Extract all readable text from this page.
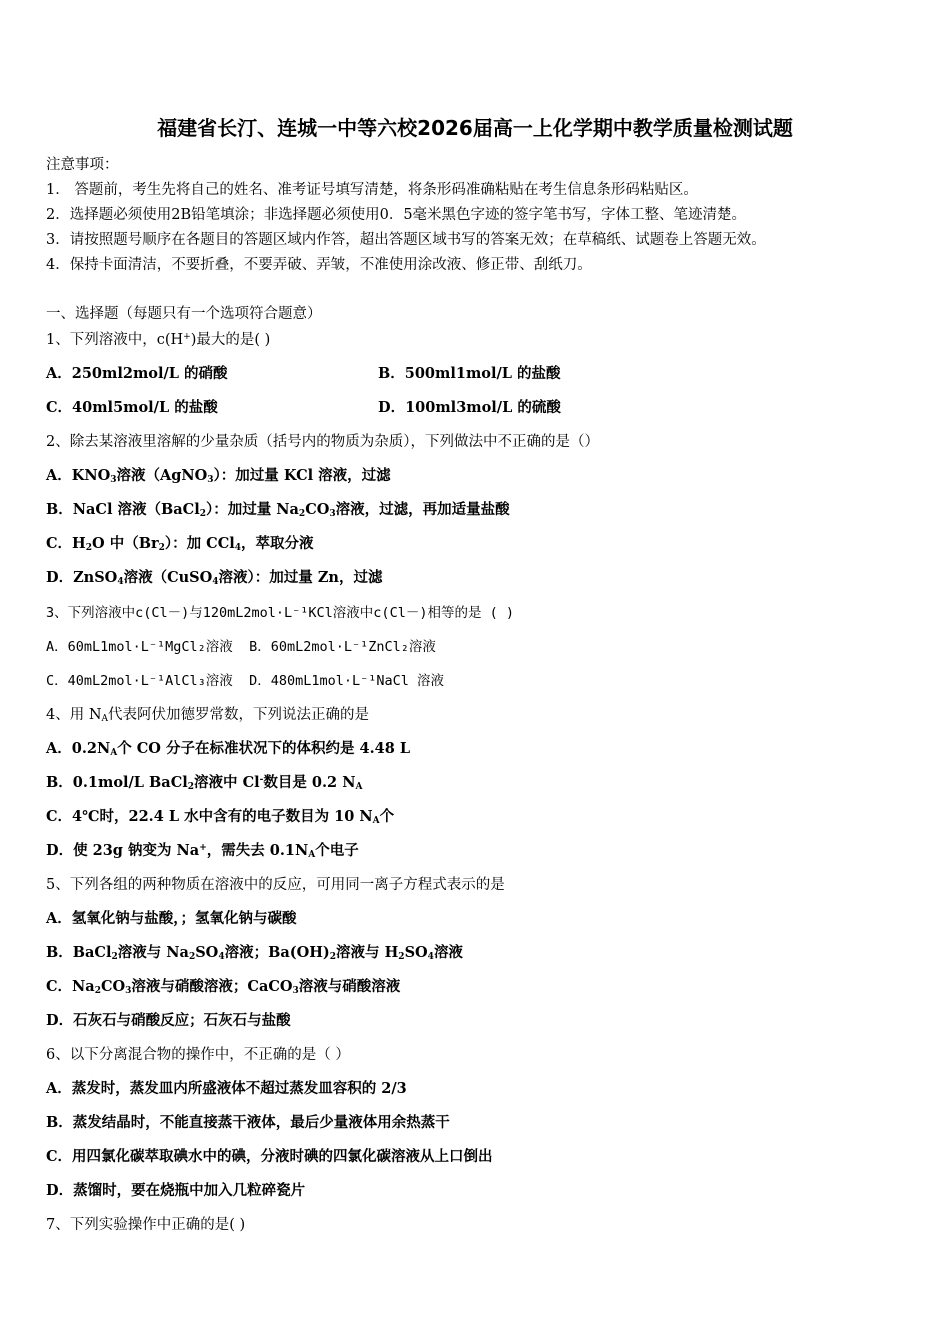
福建省长汀、连城一中等六校2026届高一上化学期中教学质量检测试题
注意事项：
1． 答题前，考生先将自己的姓名、准考证号填写清楚，将条形码准确粘贴在考生信息条形码粘贴区。
2．选择题必须使用2B铅笔填涂；非选择题必须使用0．5毫米黑色字迹的签字笔书写，字体工整、笔迹清楚。
3．请按照题号顺序在各题目的答题区域内作答，超出答题区域书写的答案无效；在草稿纸、试题卷上答题无效。
4．保持卡面清洁，不要折叠，不要弄破、弄皱，不准使用涂改液、修正带、刮纸刀。
一、选择题（每题只有一个选项符合题意）
1、下列溶液中，c(H+)最大的是( )
A．250ml2mol/L 的硝酸	B．500ml1mol/L 的盐酸
C．40ml5mol/L 的盐酸	D．100ml3mol/L 的硫酸
2、除去某溶液里溶解的少量杂质（括号内的物质为杂质），下列做法中不正确的是（）
A．$KNO_3$溶液（AgNO$_3$）：加过量 KCl 溶液，过滤
B．NaCl 溶液（BaCl$_2$）：加过量 $Na_2CO_3$溶液，过滤，再加适量盐酸
C．$H_2O$ 中$(Br_2)$：加 CCl$_4$，萃取分液
D．ZnSO$_4$溶液（CuSO$_4$溶液）：加过量 Zn，过滤
3、下列溶液中c(Cl－)与120mL2mol·L⁻¹KCl溶液中c(Cl－)相等的是 ( )
A．60mL1mol·L⁻¹MgCl₂溶液 B．60mL2mol·L⁻¹ZnCl₂溶液
C．40mL2mol·L⁻¹AlCl₃溶液 D．480mL1mol·L⁻¹NaCl 溶液
4、用 $N_A$代表阿伏加德罗常数，下列说法正确的是
A．$0.2N_A$个 CO 分子在标准状况下的体积约是 4.48 L
B．0.1mol/L BaCl$_2$溶液中 Cl-数目是 0.2 $N_A$
C．4℃时，22.4 L 水中含有的电子数目为 10 $N_A$个
D．使 23g 钠变为 Na+，需失去 $0.1N_A$个电子
5、下列各组的两种物质在溶液中的反应，可用同一离子方程式表示的是
A．氢氧化钠与盐酸，；氢氧化钠与碳酸
B．BaCl$_2$溶液与 $Na_2SO_4$溶液；$Ba(OH)_2$溶液与 $H_2SO_4$溶液
C．$Na_2CO_3$溶液与硝酸溶液；CaCO$_3$溶液与硝酸溶液
D．石灰石与硝酸反应；石灰石与盐酸
6、以下分离混合物的操作中，不正确的是（ ）
A．蒸发时，蒸发皿内所盛液体不超过蒸发皿容积的 2/3
B．蒸发结晶时，不能直接蒸干液体，最后少量液体用余热蒸干
C．用四氯化碳萃取碘水中的碘，分液时碘的四氯化碳溶液从上口倒出
D．蒸馏时，要在烧瓶中加入几粒碎瓷片
7、下列实验操作中正确的是( )
